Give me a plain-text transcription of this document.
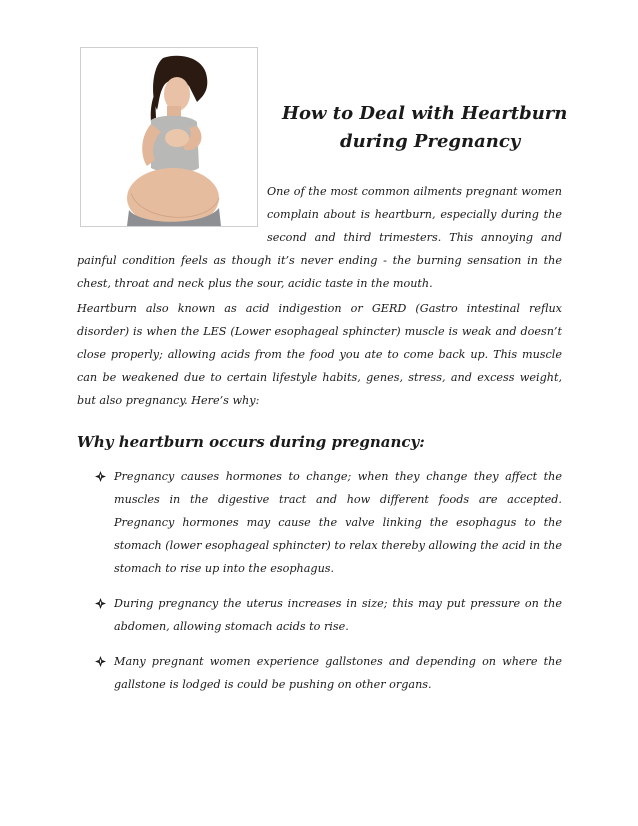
How to Deal with Heartburn
during Pregnancy
One of the most common ailments pregnant women complain about is heartburn, especially during the second and third trimesters. This annoying and painful condition feels as though it’s never ending - the burning sensation in the chest, throat and neck plus the sour, acidic taste in the mouth.

Heartburn also known as acid indigestion or GERD (Gastro intestinal reflux disorder) is when the LES (Lower esophageal sphincter) muscle is weak and doesn’t close properly; allowing acids from the food you ate to come back up. This muscle can be weakened due to certain lifestyle habits, genes, stress, and excess weight, but also pregnancy. Here’s why:

Why heartburn occurs during pregnancy:
Pregnancy causes hormones to change; when they change they affect the muscles in the digestive tract and how different foods are accepted. Pregnancy hormones may cause the valve linking the esophagus to the stomach (lower esophageal sphincter) to relax thereby allowing the acid in the stomach to rise up into the esophagus.
During pregnancy the uterus increases in size; this may put pressure on the abdomen, allowing stomach acids to rise.
Many pregnant women experience gallstones and depending on where the gallstone is lodged is could be pushing on other organs.
